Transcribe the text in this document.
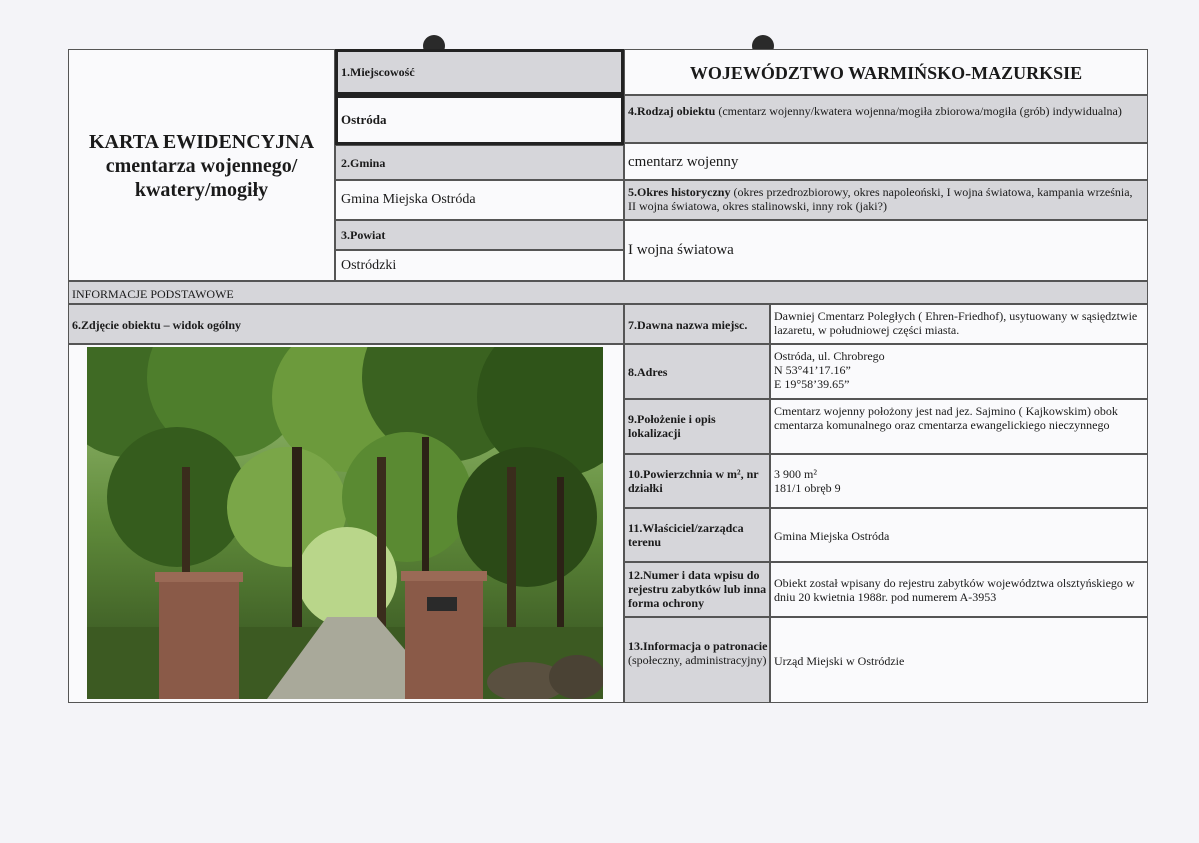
KARTA EWIDENCYJNA
cmentarza wojennego/
kwatery/mogiły
1.Miejscowość
Ostróda
2.Gmina
Gmina Miejska Ostróda
3.Powiat
Ostródzki
WOJEWÓDZTWO WARMIŃSKO-MAZURKSIE
4.Rodzaj obiektu (cmentarz wojenny/kwatera wojenna/mogiła zbiorowa/mogiła (grób) indywidualna)
cmentarz wojenny
5.Okres historyczny (okres przedrozbiorowy, okres napoleoński, I wojna światowa, kampania września, II wojna światowa, okres stalinowski, inny rok (jaki?)
I wojna światowa
INFORMACJE PODSTAWOWE
6.Zdjęcie obiektu – widok ogólny	7.Dawna nazwa miejsc.
Dawniej Cmentarz Poległych ( Ehren-Friedhof), usytuowany w sąsiędztwie lazaretu, w południowej części miasta.
8.Adres
Ostróda, ul. Chrobrego
N 53°41’17.16”
E 19°58’39.65”
9.Położenie i opis lokalizacji
Cmentarz wojenny położony jest nad jez. Sajmino ( Kajkowskim) obok cmentarza komunalnego oraz cmentarza ewangelickiego nieczynnego
10.Powierzchnia w m², nr działki
3 900 m²
181/1 obręb 9
11.Właściciel/zarządca terenu	Gmina Miejska Ostróda
12.Numer i data wpisu do rejestru zabytków lub inna forma ochrony
Obiekt został wpisany do rejestru zabytków województwa olsztyńskiego w dniu 20 kwietnia 1988r. pod numerem A-3953
13.Informacja o patronacie (społeczny, administracyjny) Urząd Miejski w Ostródzie
